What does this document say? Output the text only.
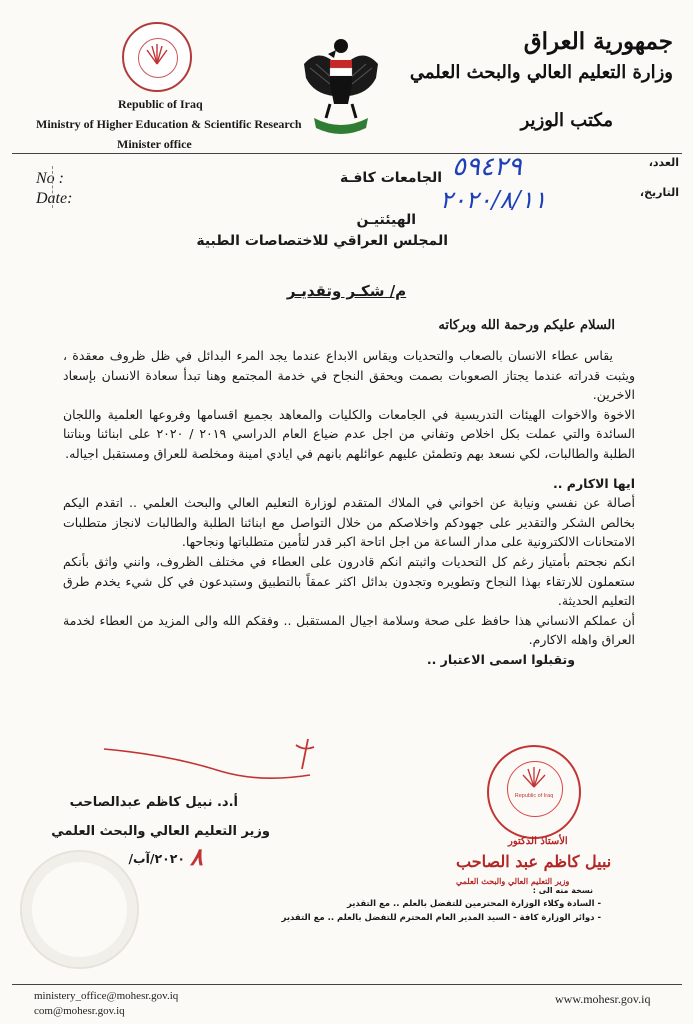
Republic of Iraq
Ministry of Higher Education & Scientific Research
Minister office
جمهورية العراق
وزارة التعليم العالي والبحث العلمي
مكتب الوزير
No :
Date:
العدد،
التاريخ،
٥٩٤٢٩
٢٠٢٠/٨/١١
الجامعات كافـة
الهيئتيـن
المجلس العراقي للاختصاصات الطبية
م/ شكـر وتقديـر
السلام عليكم ورحمة الله وبركاته

يقاس عطاء الانسان بالصعاب والتحديات ويقاس الابداع عندما يجد المرء البدائل في ظل ظروف معقدة ، ويثبت قدراته عندما يجتاز الصعوبات بصمت ويحقق النجاح في خدمة المجتمع وهنا تبدأ سعادة الانسان بإسعاد الاخرين.

الاخوة والاخوات الهيئات التدريسية في الجامعات والكليات والمعاهد بجميع اقسامها وفروعها العلمية واللجان السائدة والتي عملت بكل اخلاص وتفاني من اجل عدم ضياع العام الدراسي ٢٠١٩ / ٢٠٢٠ على ابنائنا وبناتنا الطلبة والطالبات، لكي نسعد بهم وتطمئن عليهم عوائلهم بانهم في ايادي امينة ومخلصة للعراق ومستقبل اجياله.

ايها الاكارم ..

أصالة عن نفسي ونيابة عن اخواني في الملاك المتقدم لوزارة التعليم العالي والبحث العلمي .. اتقدم اليكم بخالص الشكر والتقدير على جهودكم واخلاصكم من خلال التواصل مع ابنائنا الطلبة والطالبات لانجاز متطلبات الامتحانات الالكترونية على مدار الساعة من اجل اتاحة اكبر قدر لتأمين متطلباتها ونجاحها.

انكم نجحتم بأمتياز رغم كل التحديات واثبتم انكم قادرون على العطاء في مختلف الظروف، وانني واثق بأنكم ستعملون للارتقاء بهذا النجاح وتطويره وتجدون بدائل اكثر عمقاً بالتطبيق وستبدعون في كل شيء يخدم طرق التعليم الحديثة.

أن عملكم الانساني هذا حافظ على صحة وسلامة اجيال المستقبل .. وفقكم الله والى المزيد من العطاء لخدمة العراق واهله الاكارم.

وتقبلوا اسمى الاعتبار ..

أ.د. نبيل كاظم عبدالصاحب
وزير التعليم العالي والبحث العلمي
٢٠٢٠/آب/ ٨
Republic of Iraq
الأستاذ الدكتور
نبيل كاظم عبد الصاحب
وزير التعليم العالي والبحث العلمي
نسخة منه الى :
- السادة وكلاء الوزارة المحترمين للتفضل بالعلم .. مع التقدير
- دوائر الوزارة كافة - السيد المدير العام المحترم للتفضل بالعلم .. مع التقدير
ministery_office@mohesr.gov.iq
com@mohesr.gov.iq
www.mohesr.gov.iq
